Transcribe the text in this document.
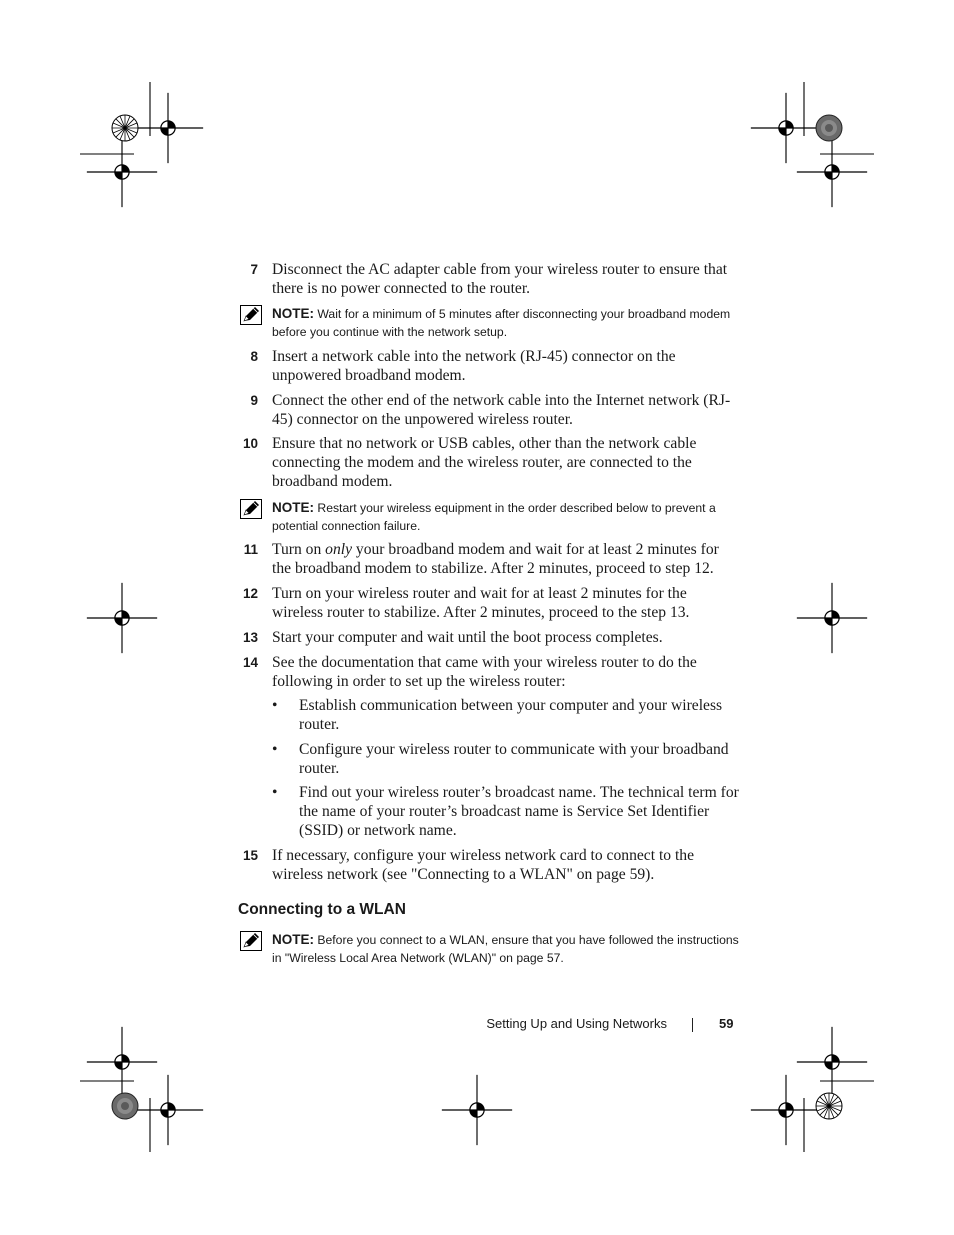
7 Disconnect the AC adapter cable from your wireless router to ensure that there is no power connected to the router.
NOTE: Wait for a minimum of 5 minutes after disconnecting your broadband modem before you continue with the network setup.
8 Insert a network cable into the network (RJ-45) connector on the unpowered broadband modem.
9 Connect the other end of the network cable into the Internet network (RJ-45) connector on the unpowered wireless router.
10 Ensure that no network or USB cables, other than the network cable connecting the modem and the wireless router, are connected to the broadband modem.
NOTE: Restart your wireless equipment in the order described below to prevent a potential connection failure.
11 Turn on only your broadband modem and wait for at least 2 minutes for the broadband modem to stabilize. After 2 minutes, proceed to step 12.
12 Turn on your wireless router and wait for at least 2 minutes for the wireless router to stabilize. After 2 minutes, proceed to the step 13.
13 Start your computer and wait until the boot process completes.
14 See the documentation that came with your wireless router to do the following in order to set up the wireless router:
• Establish communication between your computer and your wireless router.
• Configure your wireless router to communicate with your broadband router.
• Find out your wireless router’s broadcast name. The technical term for the name of your router’s broadcast name is Service Set Identifier (SSID) or network name.
15 If necessary, configure your wireless network card to connect to the wireless network (see "Connecting to a WLAN" on page 59).
Connecting to a WLAN
NOTE: Before you connect to a WLAN, ensure that you have followed the instructions in "Wireless Local Area Network (WLAN)" on page 57.
Setting Up and Using Networks	59
